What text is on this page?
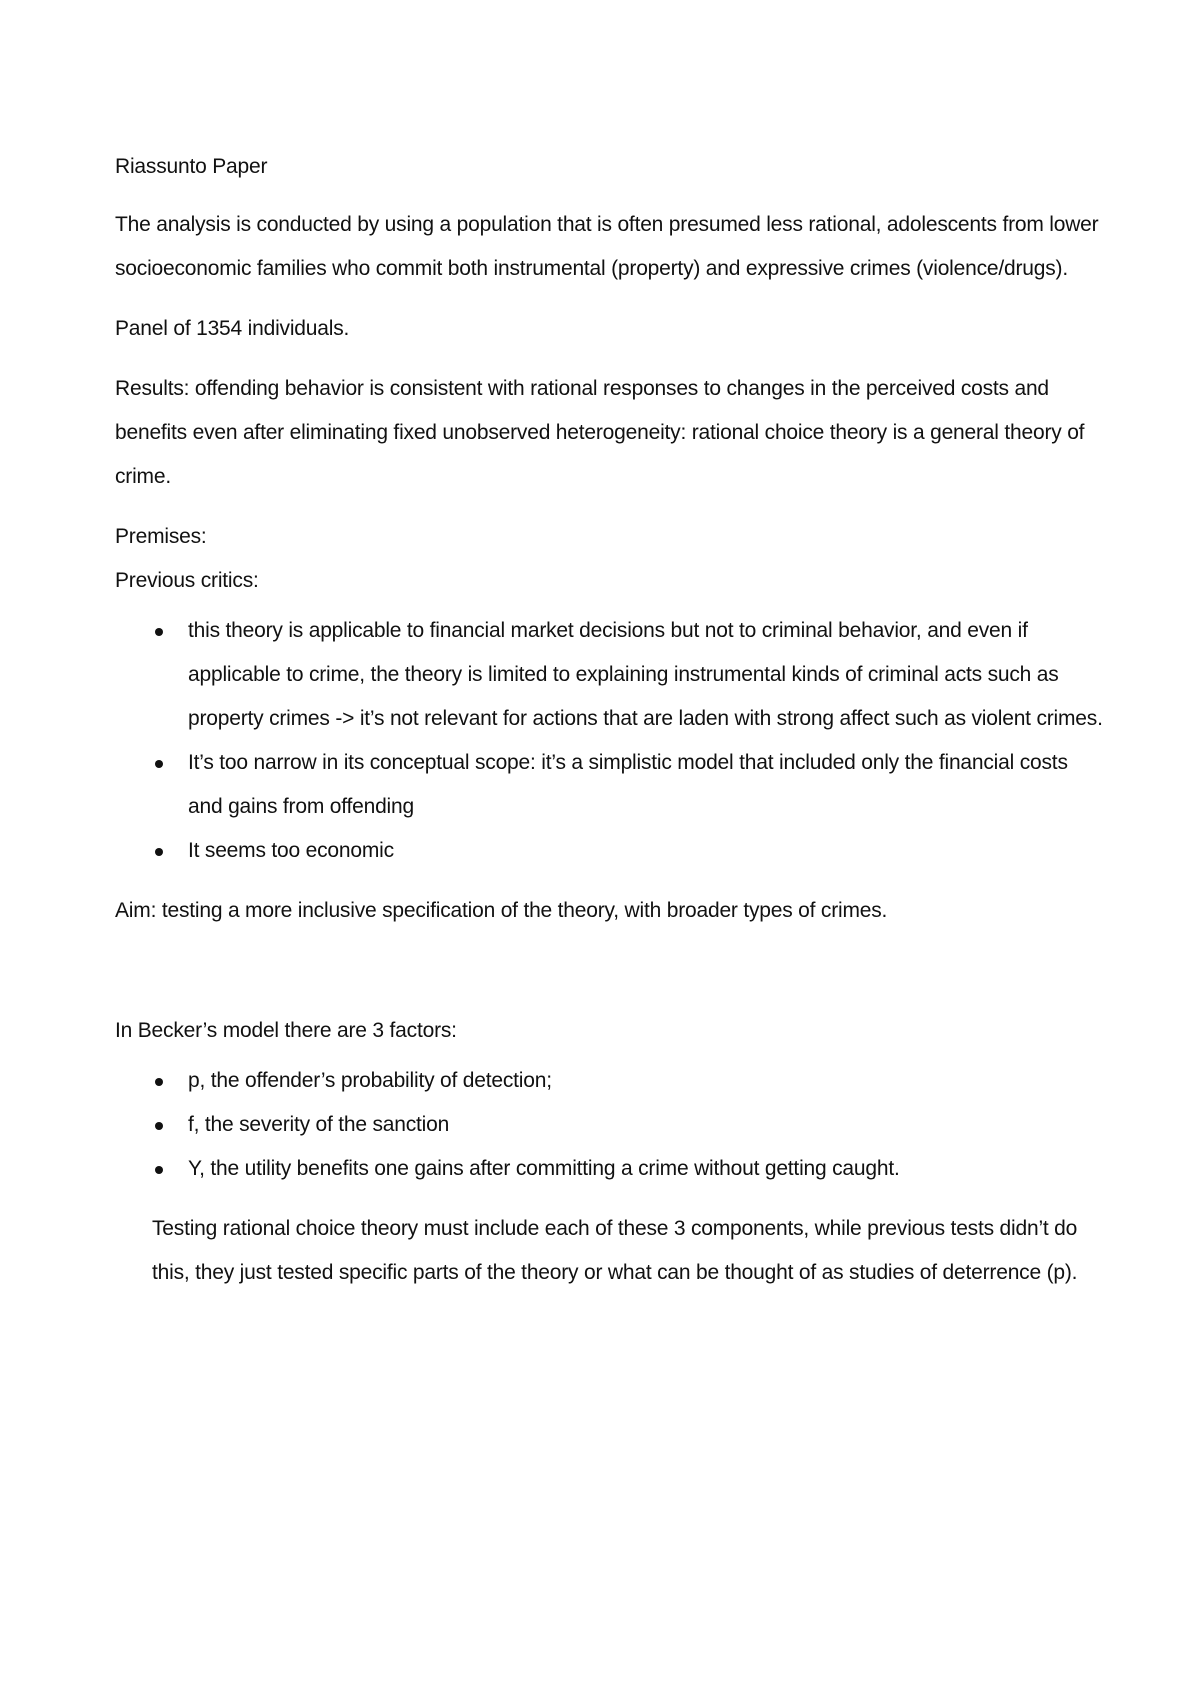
Riassunto Paper

The analysis is conducted by using a population that is often presumed less rational, adolescents from lower socioeconomic families who commit both instrumental (property) and expressive crimes (violence/drugs).

Panel of 1354 individuals.

Results: offending behavior is consistent with rational responses to changes in the perceived costs and benefits even after eliminating fixed unobserved heterogeneity: rational choice theory is a general theory of crime.

Premises:

Previous critics:

this theory is applicable to financial market decisions but not to criminal behavior, and even if applicable to crime, the theory is limited to explaining instrumental kinds of criminal acts such as property crimes -> it’s not relevant for actions that are laden with strong affect such as violent crimes.
It’s too narrow in its conceptual scope: it’s a simplistic model that included only the financial costs and gains from offending
It seems too economic

Aim: testing a more inclusive specification of the theory, with broader types of crimes.

In Becker’s model there are 3 factors:

p, the offender’s probability of detection;
f, the severity of the sanction
Y, the utility benefits one gains after committing a crime without getting caught.

Testing rational choice theory must include each of these 3 components, while previous tests didn’t do this, they just tested specific parts of the theory or what can be thought of as studies of deterrence (p).
